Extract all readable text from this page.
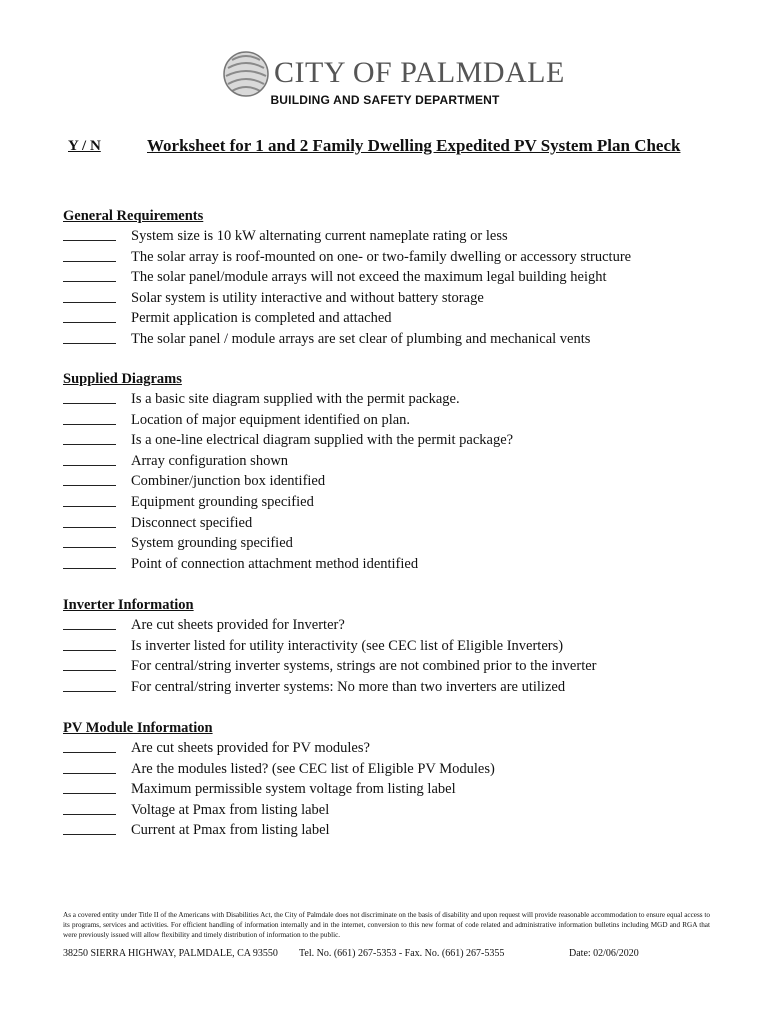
CITY OF PALMDALE
BUILDING AND SAFETY DEPARTMENT
Y / N	Worksheet for 1 and 2 Family Dwelling Expedited PV System Plan Check
General Requirements
System size is 10 kW alternating current nameplate rating or less
The solar array is roof-mounted on one- or two-family dwelling or accessory structure
The solar panel/module arrays will not exceed the maximum legal building height
Solar system is utility interactive and without battery storage
Permit application is completed and attached
The solar panel / module arrays are set clear of plumbing and mechanical vents
Supplied Diagrams
Is a basic site diagram supplied with the permit package.
Location of major equipment identified on plan.
Is a one-line electrical diagram supplied with the permit package?
Array configuration shown
Combiner/junction box identified
Equipment grounding specified
Disconnect specified
System grounding specified
Point of connection attachment method identified
Inverter Information
Are cut sheets provided for Inverter?
Is inverter listed for utility interactivity (see CEC list of Eligible Inverters)
For central/string inverter systems, strings are not combined prior to the inverter
For central/string inverter systems: No more than two inverters are utilized
PV Module Information
Are cut sheets provided for PV modules?
Are the modules listed? (see CEC list of Eligible PV Modules)
Maximum permissible system voltage from listing label
Voltage at Pmax from listing label
Current at Pmax from listing label
As a covered entity under Title II of the Americans with Disabilities Act, the City of Palmdale does not discriminate on the basis of disability and upon request will provide reasonable accommodation to ensure equal access to its programs, services and activities. For efficient handling of information internally and in the internet, conversion to this new format of code related and administrative information bulletins including MGD and RGA that were previously issued will allow flexibility and timely distribution of information to the public.
38250 SIERRA HIGHWAY, PALMDALE, CA 93550 Tel. No. (661) 267-5353 - Fax. No. (661) 267-5355	Date: 02/06/2020
